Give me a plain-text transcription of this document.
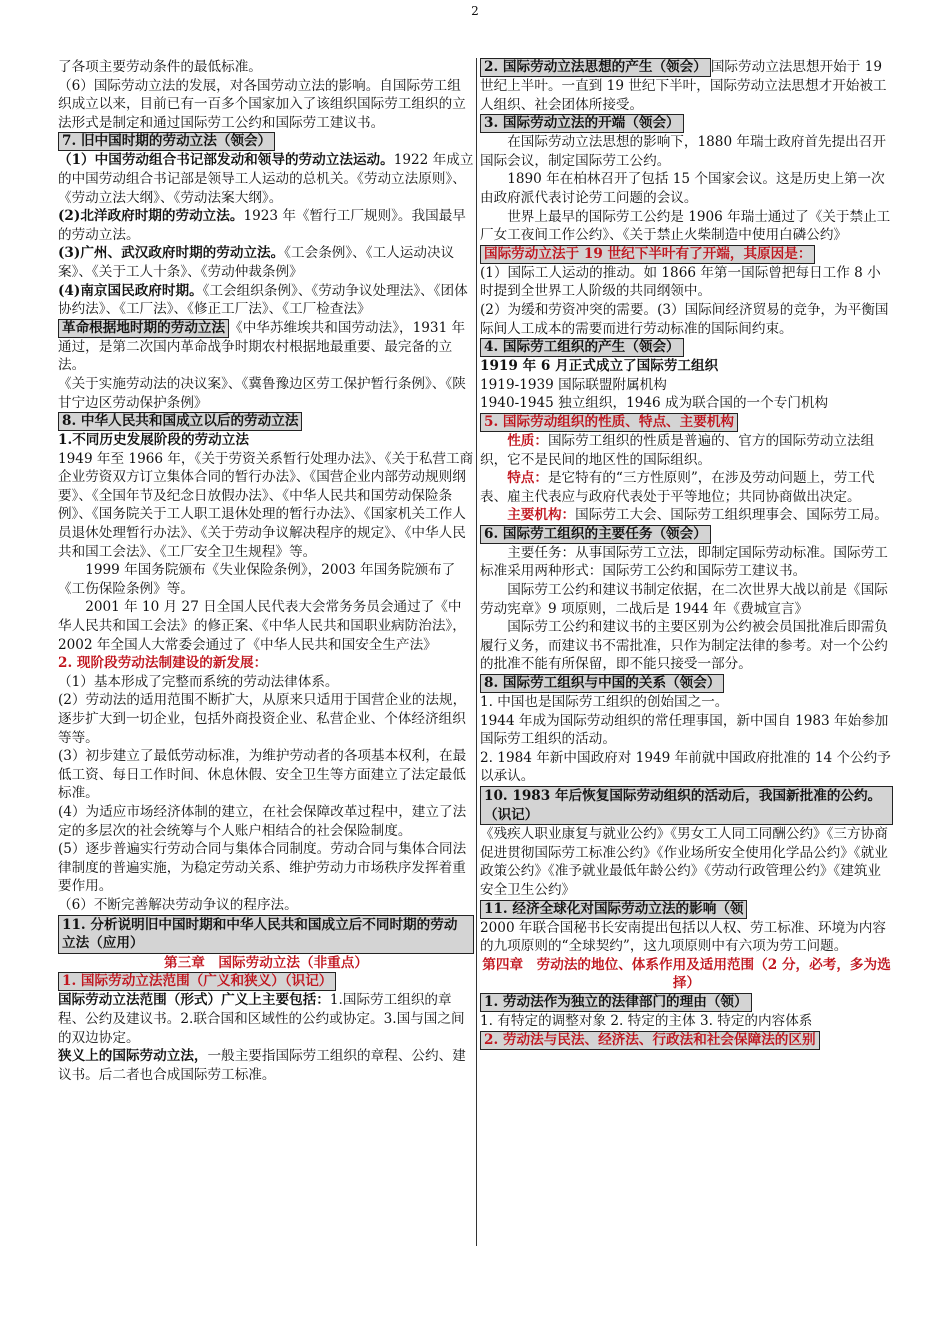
2

了各项主要劳动条件的最低标准。

（6）国际劳动立法的发展，对各国劳动立法的影响。自国际劳工组织成立以来，目前已有一百多个国家加入了该组织国际劳工组织的立法形式是制定和通过国际劳工公约和国际劳工建议书。

7. 旧中国时期的劳动立法（领会）

（1）中国劳动组合书记部发动和领导的劳动立法运动。1922 年成立的中国劳动组合书记部是领导工人运动的总机关。《劳动立法原则》、《劳动立法大纲》、《劳动法案大纲》。

(2)北洋政府时期的劳动立法。1923 年《暂行工厂规则》。我国最早的劳动立法。

(3)广州、武汉政府时期的劳动立法。《工会条例》、《工人运动决议案》、《关于工人十条》、《劳动仲裁条例》

(4)南京国民政府时期。《工会组织条例》、《劳动争议处理法》、《团体协约法》、《工厂法》、《修正工厂法》、《工厂检查法》

革命根据地时期的劳动立法 《中华苏维埃共和国劳动法》，1931 年通过，是第二次国内革命战争时期农村根据地最重要、最完备的立法。

《关于实施劳动法的决议案》、《冀鲁豫边区劳工保护暂行条例》、《陕甘宁边区劳动保护条例》

8. 中华人民共和国成立以后的劳动立法

1.不同历史发展阶段的劳动立法

1949 年至 1966 年，《关于劳资关系暂行处理办法》、《关于私营工商企业劳资双方订立集体合同的暂行办法》、《国营企业内部劳动规则纲要》、《全国年节及纪念日放假办法》、《中华人民共和国劳动保险条例》、《国务院关于工人职工退休处理的暂行办法》、《国家机关工作人员退休处理暂行办法》、《关于劳动争议解决程序的规定》、《中华人民共和国工会法》、《工厂安全卫生规程》等。

1999 年国务院颁布《失业保险条例》，2003 年国务院颁布了《工伤保险条例》等。

2001 年 10 月 27 日全国人民代表大会常务务员会通过了《中华人民共和国工会法》的修正案、《中华人民共和国职业病防治法》，2002 年全国人大常委会通过了《中华人民共和国安全生产法》

2. 现阶段劳动法制建设的新发展：

（1）基本形成了完整而系统的劳动法律体系。

(2）劳动法的适用范围不断扩大，从原来只适用于国营企业的法规，逐步扩大到一切企业，包括外商投资企业、私营企业、个体经济组织等等。

(3）初步建立了最低劳动标准，为维护劳动者的各项基本权利，在最低工资、每日工作时间、休息休假、安全卫生等方面建立了法定最低标准。

(4）为适应市场经济体制的建立，在社会保障改革过程中，建立了法定的多层次的社会统筹与个人账户相结合的社会保险制度。

(5）逐步普遍实行劳动合同与集体合同制度。劳动合同与集体合同法律制度的普遍实施，为稳定劳动关系、维护劳动力市场秩序发挥着重要作用。

（6）不断完善解决劳动争议的程序法。

11. 分析说明旧中国时期和中华人民共和国成立后不同时期的劳动立法（应用）

第三章　国际劳动立法（非重点）

1. 国际劳动立法范围（广义和狭义）（识记）

国际劳动立法范围（形式）广义上主要包括：1.国际劳工组织的章程、公约及建议书。2.联合国和区域性的公约或协定。3.国与国之间的双边协定。

狭义上的国际劳动立法，一般主要指国际劳工组织的章程、公约、建议书。后二者也合成国际劳工标准。

2. 国际劳动立法思想的产生（领会） 国际劳动立法思想开始于 19 世纪上半叶。一直到 19 世纪下半叶，国际劳动立法思想才开始被工人组织、社会团体所接受。

3. 国际劳动立法的开端（领会）

在国际劳动立法思想的影响下，1880 年瑞士政府首先提出召开国际会议，制定国际劳工公约。

1890 年在柏林召开了包括 15 个国家会议。这是历史上第一次由政府派代表讨论劳工问题的会议。

世界上最早的国际劳工公约是 1906 年瑞士通过了《关于禁止工厂女工夜间工作公约》、《关于禁止火柴制造中使用白磷公约》

国际劳动立法于 19 世纪下半叶有了开端，其原因是：

(1）国际工人运动的推动。如 1866 年第一国际曾把每日工作 8 小时提到全世界工人阶级的共同纲领中。

(2）为缓和劳资冲突的需要。(3）国际间经济贸易的竞争，为平衡国际间人工成本的需要而进行劳动标准的国际间约束。

4. 国际劳工组织的产生（领会）

1919 年 6 月正式成立了国际劳工组织

1919-1939 国际联盟附属机构

1940-1945 独立组织，1946 成为联合国的一个专门机构

5. 国际劳动组织的性质、特点、主要机构

性质：国际劳工组织的性质是普遍的、官方的国际劳动立法组织，它不是民间的地区性的国际组织。

特点：是它特有的“三方性原则”，在涉及劳动问题上，劳工代表、雇主代表应与政府代表处于平等地位；共同协商做出决定。

主要机构：国际劳工大会、国际劳工组织理事会、国际劳工局。

6. 国际劳工组织的主要任务（领会）

主要任务：从事国际劳工立法，即制定国际劳动标准。国际劳工标准采用两种形式：国际劳工公约和国际劳工建议书。

国际劳工公约和建议书制定依据，在二次世界大战以前是《国际劳动宪章》9 项原则，二战后是 1944 年《费城宣言》

国际劳工公约和建议书的主要区别为公约被会员国批准后即需负履行义务，而建议书不需批准，只作为制定法律的参考。对一个公约的批准不能有所保留，即不能只接受一部分。

8. 国际劳工组织与中国的关系（领会）

1. 中国也是国际劳工组织的创始国之一。

1944 年成为国际劳动组织的常任理事国，新中国自 1983 年始参加国际劳工组织的活动。

2. 1984 年新中国政府对 1949 年前就中国政府批准的 14 个公约予以承认。

10. 1983 年后恢复国际劳动组织的活动后，我国新批准的公约。（识记）

《残疾人职业康复与就业公约》《男女工人同工同酬公约》《三方协商促进贯彻国际劳工标准公约》《作业场所安全使用化学品公约》《就业政策公约》《准予就业最低年龄公约》《劳动行政管理公约》《建筑业安全卫生公约》

11. 经济全球化对国际劳动立法的影响（领

2000 年联合国秘书长安南提出包括以人权、劳工标准、环境为内容的九项原则的“全球契约”，这九项原则中有六项为劳工问题。

第四章　劳动法的地位、体系作用及适用范围（2 分，必考，多为选择）

1. 劳动法作为独立的法律部门的理由（领）

1. 有特定的调整对象 2. 特定的主体 3. 特定的内容体系

2. 劳动法与民法、经济法、行政法和社会保障法的区别
